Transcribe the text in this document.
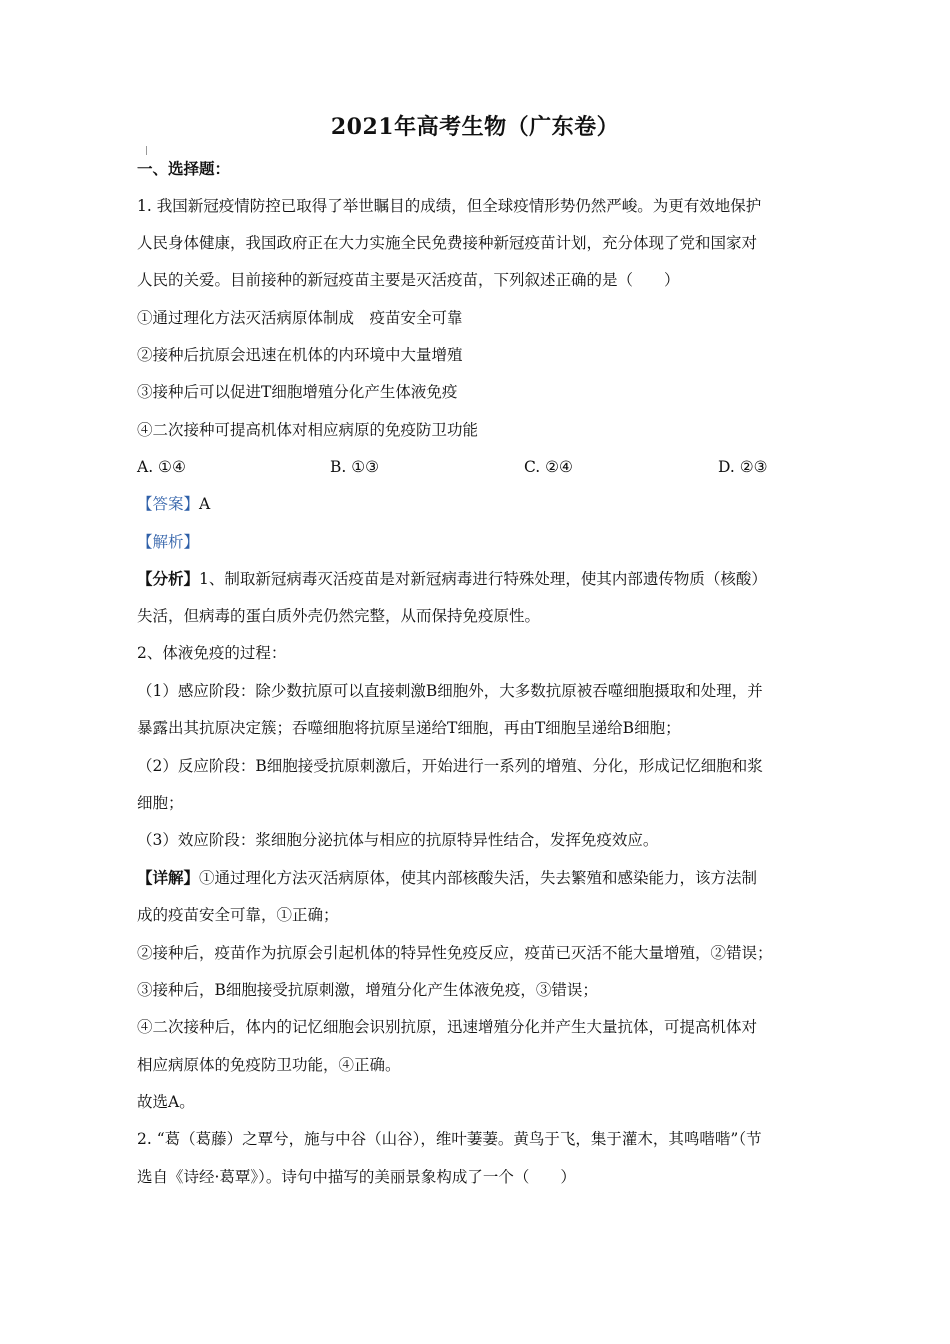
2021年高考生物（广东卷）
一、选择题：
1. 我国新冠疫情防控已取得了举世瞩目的成绩，但全球疫情形势仍然严峻。为更有效地保护
人民身体健康，我国政府正在大力实施全民免费接种新冠疫苗计划，充分体现了党和国家对
人民的关爱。目前接种的新冠疫苗主要是灭活疫苗，下列叙述正确的是（　　）
①通过理化方法灭活病原体制成　疫苗安全可靠
②接种后抗原会迅速在机体的内环境中大量增殖
③接种后可以促进T细胞增殖分化产生体液免疫
④二次接种可提高机体对相应病原的免疫防卫功能
A. ①④	B. ①③	C. ②④	D. ②③
【答案】A
【解析】
【分析】1、制取新冠病毒灭活疫苗是对新冠病毒进行特殊处理，使其内部遗传物质（核酸）
失活，但病毒的蛋白质外壳仍然完整，从而保持免疫原性。
2、体液免疫的过程：
（1）感应阶段：除少数抗原可以直接刺激B细胞外，大多数抗原被吞噬细胞摄取和处理，并
暴露出其抗原决定簇；吞噬细胞将抗原呈递给T细胞，再由T细胞呈递给B细胞；
（2）反应阶段：B细胞接受抗原刺激后，开始进行一系列的增殖、分化，形成记忆细胞和浆
细胞；
（3）效应阶段：浆细胞分泌抗体与相应的抗原特异性结合，发挥免疫效应。
【详解】①通过理化方法灭活病原体，使其内部核酸失活，失去繁殖和感染能力，该方法制
成的疫苗安全可靠，①正确；
②接种后，疫苗作为抗原会引起机体的特异性免疫反应，疫苗已灭活不能大量增殖，②错误；
③接种后，B细胞接受抗原刺激，增殖分化产生体液免疫，③错误；
④二次接种后，体内的记忆细胞会识别抗原，迅速增殖分化并产生大量抗体，可提高机体对
相应病原体的免疫防卫功能，④正确。
故选A。
2. “葛（葛藤）之覃兮，施与中谷（山谷），维叶萋萋。黄鸟于飞，集于灌木，其鸣喈喈”（节
选自《诗经·葛覃》）。诗句中描写的美丽景象构成了一个（　　）
